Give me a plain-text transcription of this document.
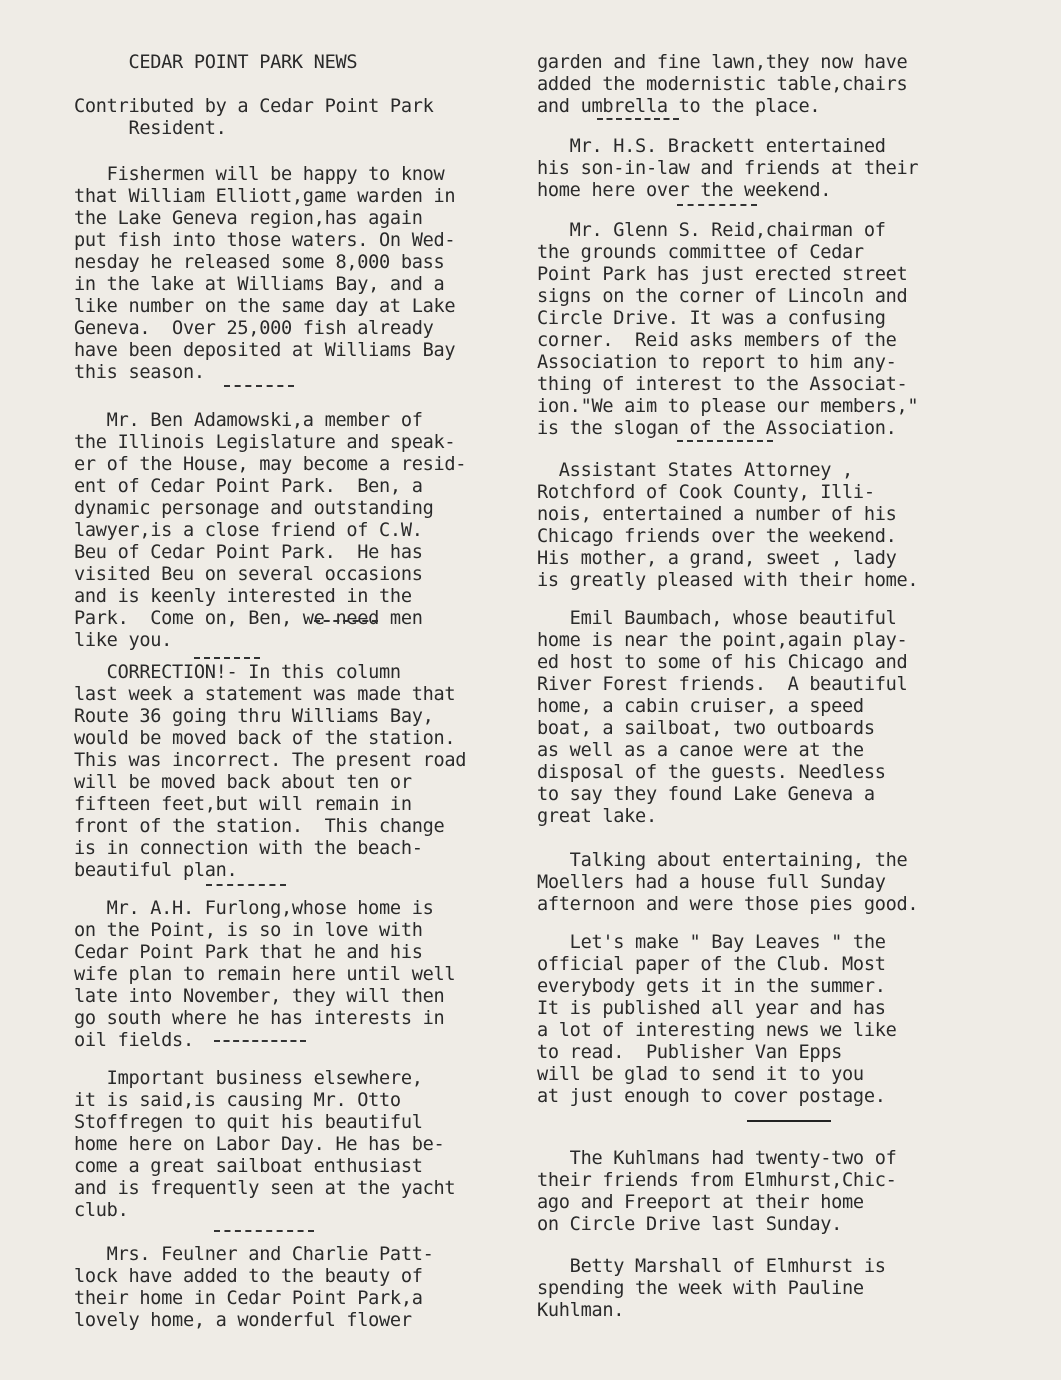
CEDAR POINT PARK NEWS
Contributed by a Cedar Point Park
Resident.
Fishermen will be happy to know
that William Elliott,game warden in
the Lake Geneva region,has again
put fish into those waters. On Wed-
nesday he released some 8,000 bass
in the lake at Williams Bay, and a
like number on the same day at Lake
Geneva.  Over 25,000 fish already
have been deposited at Williams Bay
this season.
Mr. Ben Adamowski,a member of
the Illinois Legislature and speak-
er of the House, may become a resid-
ent of Cedar Point Park.  Ben, a
dynamic personage and outstanding
lawyer,is a close friend of C.W.
Beu of Cedar Point Park.  He has
visited Beu on several occasions
and is keenly interested in the
Park.  Come on, Ben, we need men
like you.
CORRECTION!- In this column
last week a statement was made that
Route 36 going thru Williams Bay,
would be moved back of the station.
This was incorrect. The present road
will be moved back about ten or
fifteen feet,but will remain in
front of the station.  This change
is in connection with the beach-
beautiful plan.
Mr. A.H. Furlong,whose home is
on the Point, is so in love with
Cedar Point Park that he and his
wife plan to remain here until well
late into November, they will then
go south where he has interests in
oil fields.
Important business elsewhere,
it is said,is causing Mr. Otto
Stoffregen to quit his beautiful
home here on Labor Day. He has be-
come a great sailboat enthusiast
and is frequently seen at the yacht
club.
Mrs. Feulner and Charlie Patt-
lock have added to the beauty of
their home in Cedar Point Park,a
lovely home, a wonderful flower
garden and fine lawn,they now have
added the modernistic table,chairs
and umbrella to the place.
Mr. H.S. Brackett entertained
his son-in-law and friends at their
home here over the weekend.
Mr. Glenn S. Reid,chairman of
the grounds committee of Cedar
Point Park has just erected street
signs on the corner of Lincoln and
Circle Drive. It was a confusing
corner.  Reid asks members of the
Association to report to him any-
thing of interest to the Associat-
ion."We aim to please our members,"
is the slogan of the Association.
Assistant States Attorney ,
Rotchford of Cook County, Illi-
nois, entertained a number of his
Chicago friends over the weekend.
His mother, a grand, sweet , lady
is greatly pleased with their home.
Emil Baumbach, whose beautiful
home is near the point,again play-
ed host to some of his Chicago and
River Forest friends.  A beautiful
home, a cabin cruiser, a speed
boat, a sailboat, two outboards
as well as a canoe were at the
disposal of the guests. Needless
to say they found Lake Geneva a
great lake.
Talking about entertaining, the
Moellers had a house full Sunday
afternoon and were those pies good.
Let's make " Bay Leaves " the
official paper of the Club. Most
everybody gets it in the summer.
It is published all year and has
a lot of interesting news we like
to read.  Publisher Van Epps
will be glad to send it to you
at just enough to cover postage.
The Kuhlmans had twenty-two of
their friends from Elmhurst,Chic-
ago and Freeport at their home
on Circle Drive last Sunday.
Betty Marshall of Elmhurst is
spending the week with Pauline
Kuhlman.
